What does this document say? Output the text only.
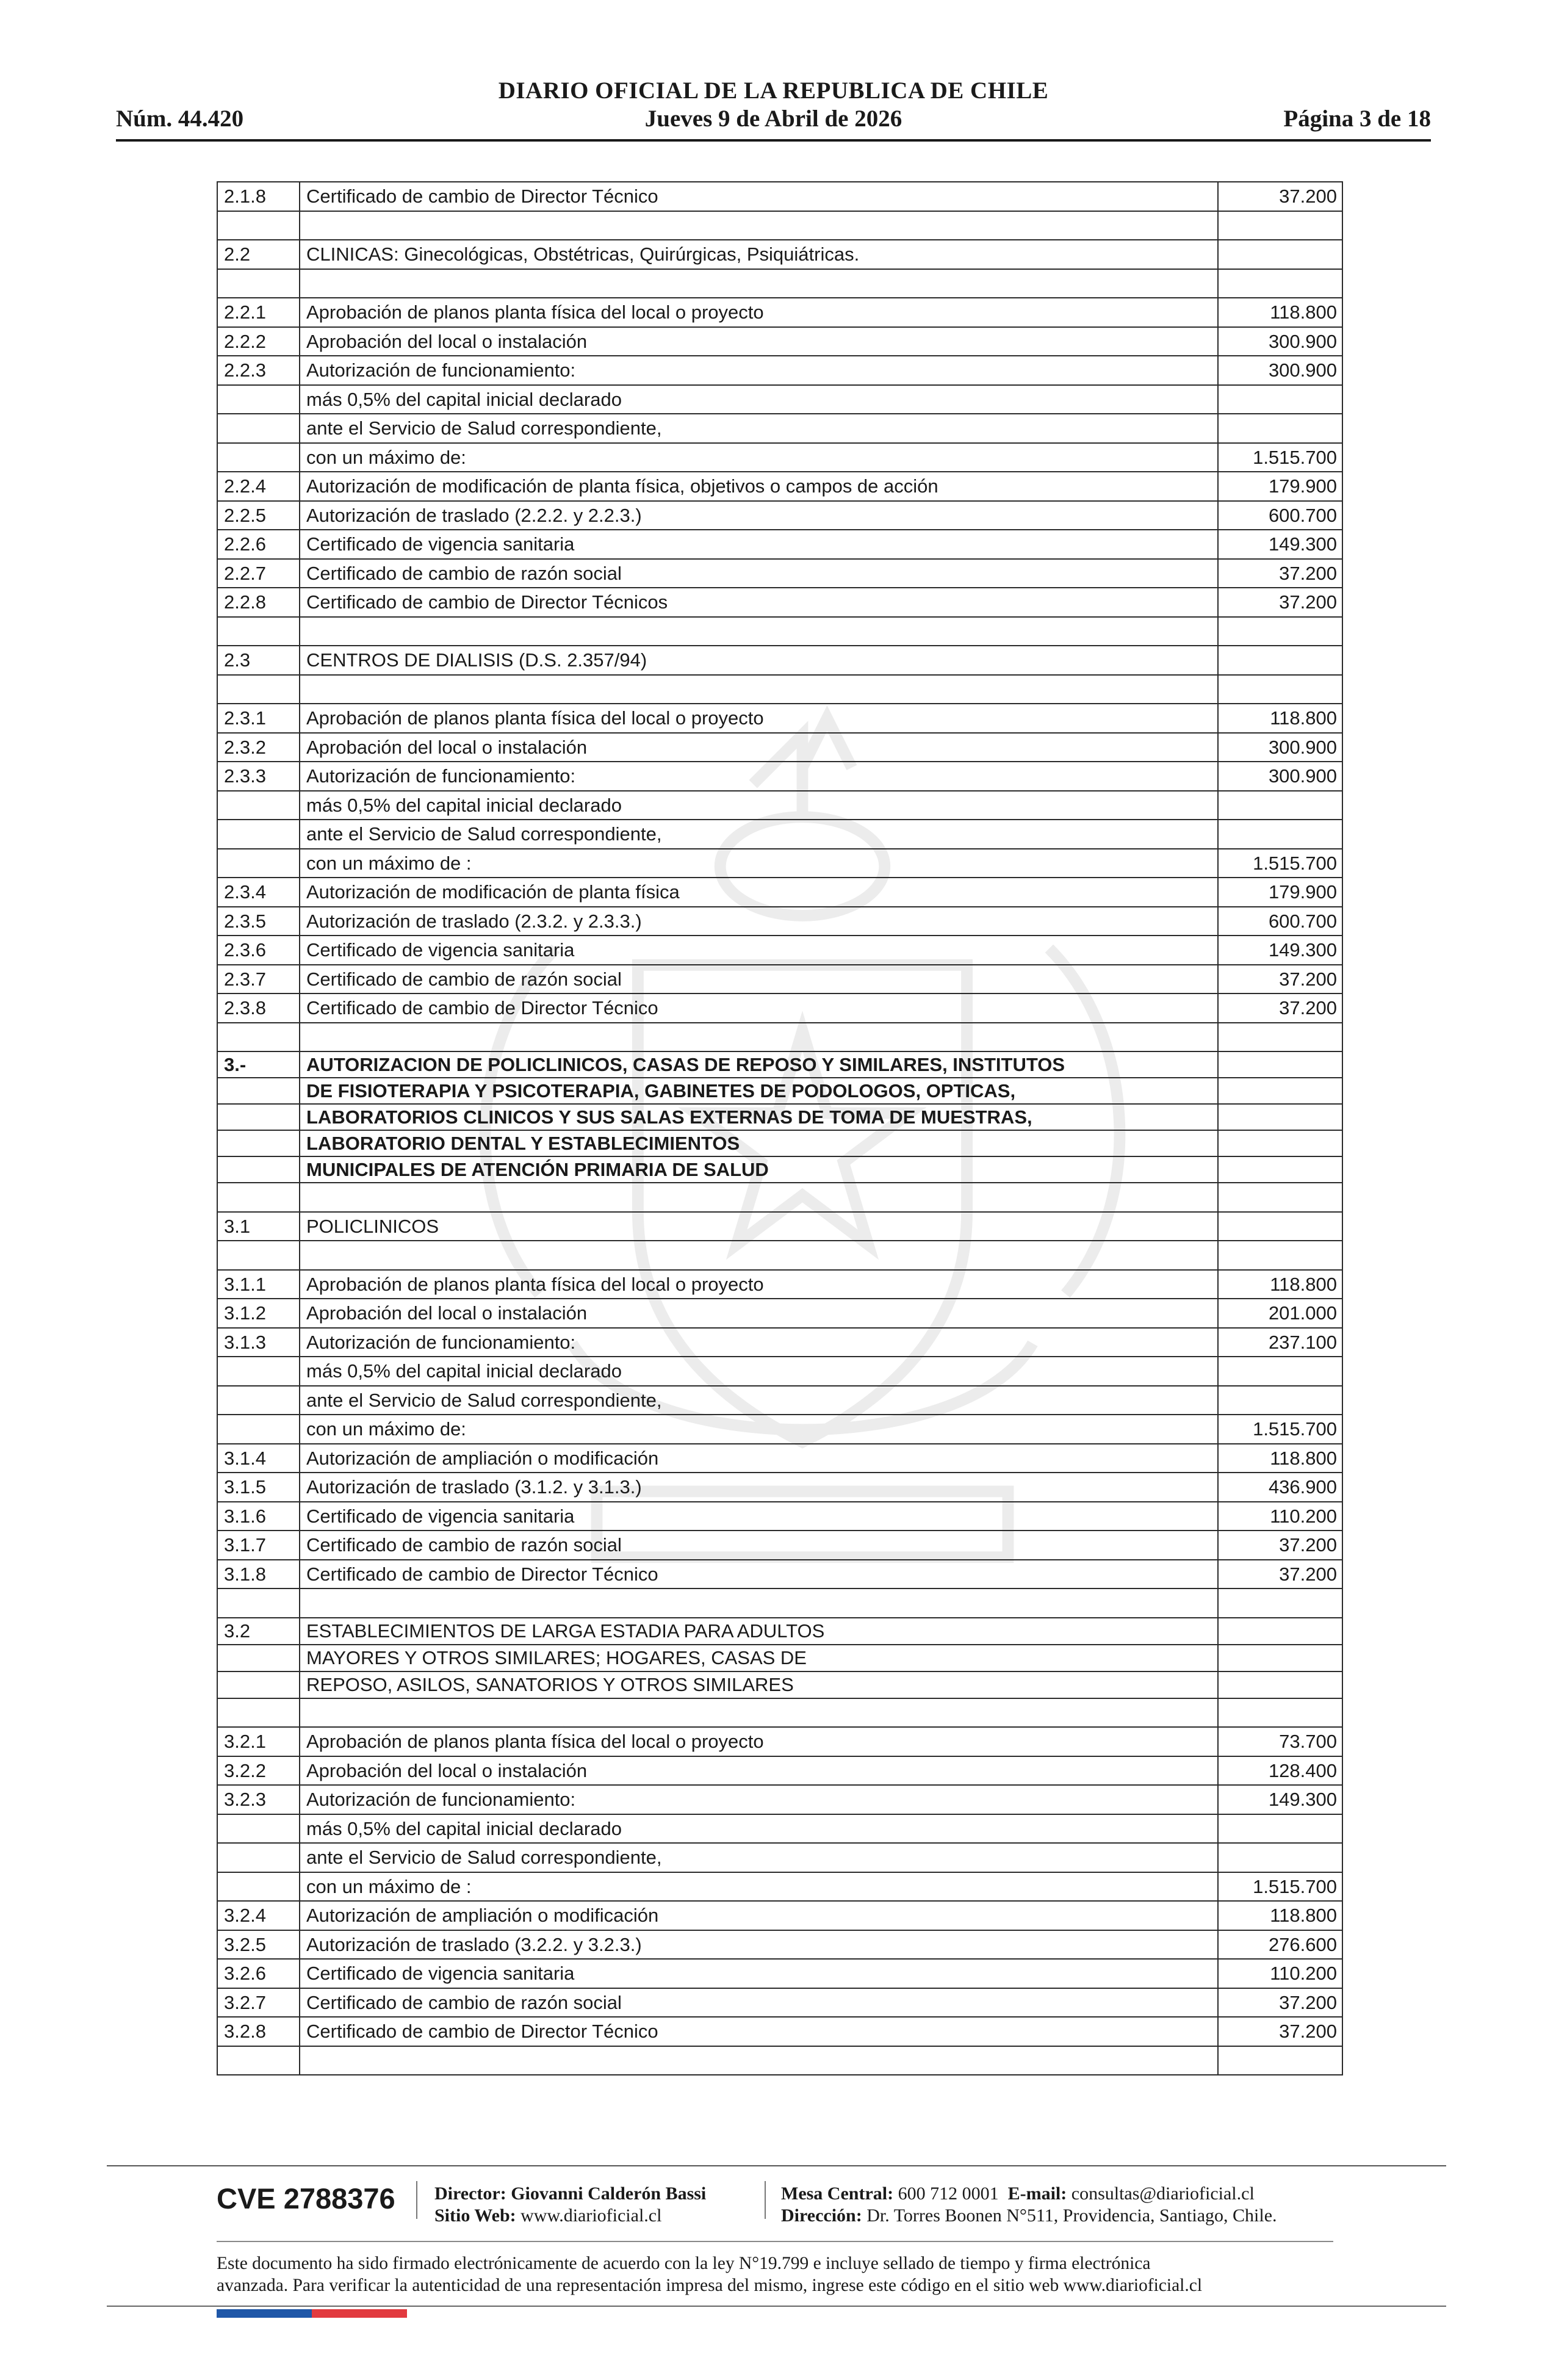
DIARIO OFICIAL DE LA REPUBLICA DE CHILE
Núm. 44.420	Jueves 9 de Abril de 2026	Página 3 de 18
2.1.8	Certificado de cambio de Director Técnico	37.200

2.2	CLINICAS: Ginecológicas, Obstétricas, Quirúrgicas, Psiquiátricas.	

2.2.1	Aprobación de planos planta física del local o proyecto	118.800
2.2.2	Aprobación del local o instalación	300.900
2.2.3	Autorización de funcionamiento:	300.900
	más 0,5% del capital inicial declarado	
	ante el Servicio de Salud correspondiente,	
	con un máximo de:	1.515.700
2.2.4	Autorización de modificación de planta física, objetivos o campos de acción	179.900
2.2.5	Autorización de traslado (2.2.2. y 2.2.3.)	600.700
2.2.6	Certificado de vigencia sanitaria	149.300
2.2.7	Certificado de cambio de razón social	37.200
2.2.8	Certificado de cambio de Director Técnicos	37.200

2.3	CENTROS DE DIALISIS (D.S. 2.357/94)	

2.3.1	Aprobación de planos planta física del local o proyecto	118.800
2.3.2	Aprobación del local o instalación	300.900
2.3.3	Autorización de funcionamiento:	300.900
	más 0,5% del capital inicial declarado	
	ante el Servicio de Salud correspondiente,	
	con un máximo de :	1.515.700
2.3.4	Autorización de modificación de planta física	179.900
2.3.5	Autorización de traslado (2.3.2. y 2.3.3.)	600.700
2.3.6	Certificado de vigencia sanitaria	149.300
2.3.7	Certificado de cambio de razón social	37.200
2.3.8	Certificado de cambio de Director Técnico	37.200

3.-	AUTORIZACION DE POLICLINICOS, CASAS DE REPOSO Y SIMILARES, INSTITUTOS	
	DE FISIOTERAPIA Y PSICOTERAPIA, GABINETES DE PODOLOGOS, OPTICAS,	
	LABORATORIOS CLINICOS Y SUS SALAS EXTERNAS DE TOMA DE MUESTRAS,	
	LABORATORIO DENTAL Y ESTABLECIMIENTOS	
	MUNICIPALES DE ATENCIÓN PRIMARIA DE SALUD	

3.1	POLICLINICOS	

3.1.1	Aprobación de planos planta física del local o proyecto	118.800
3.1.2	Aprobación del local o instalación	201.000
3.1.3	Autorización de funcionamiento:	237.100
	más 0,5% del capital inicial declarado	
	ante el Servicio de Salud correspondiente,	
	con un máximo de:	1.515.700
3.1.4	Autorización de ampliación o modificación	118.800
3.1.5	Autorización de traslado (3.1.2. y 3.1.3.)	436.900
3.1.6	Certificado de vigencia sanitaria	110.200
3.1.7	Certificado de cambio de razón social	37.200
3.1.8	Certificado de cambio de Director Técnico	37.200

3.2	ESTABLECIMIENTOS DE LARGA ESTADIA PARA ADULTOS	
	MAYORES Y OTROS SIMILARES; HOGARES, CASAS DE	
	REPOSO, ASILOS, SANATORIOS Y OTROS SIMILARES	

3.2.1	Aprobación de planos planta física del local o proyecto	73.700
3.2.2	Aprobación del local o instalación	128.400
3.2.3	Autorización de funcionamiento:	149.300
	más 0,5% del capital inicial declarado	
	ante el Servicio de Salud correspondiente,	
	con un máximo de :	1.515.700
3.2.4	Autorización de ampliación o modificación	118.800
3.2.5	Autorización de traslado (3.2.2. y 3.2.3.)	276.600
3.2.6	Certificado de vigencia sanitaria	110.200
3.2.7	Certificado de cambio de razón social	37.200
3.2.8	Certificado de cambio de Director Técnico	37.200

CVE 2788376 Director: Giovanni Calderón Bassi
Sitio Web: www.diarioficial.cl
Mesa Central: 600 712 0001 E-mail: consultas@diarioficial.cl
Dirección: Dr. Torres Boonen N°511, Providencia, Santiago, Chile.
Este documento ha sido firmado electrónicamente de acuerdo con la ley N°19.799 e incluye sellado de tiempo y firma electrónica
avanzada. Para verificar la autenticidad de una representación impresa del mismo, ingrese este código en el sitio web www.diarioficial.cl
